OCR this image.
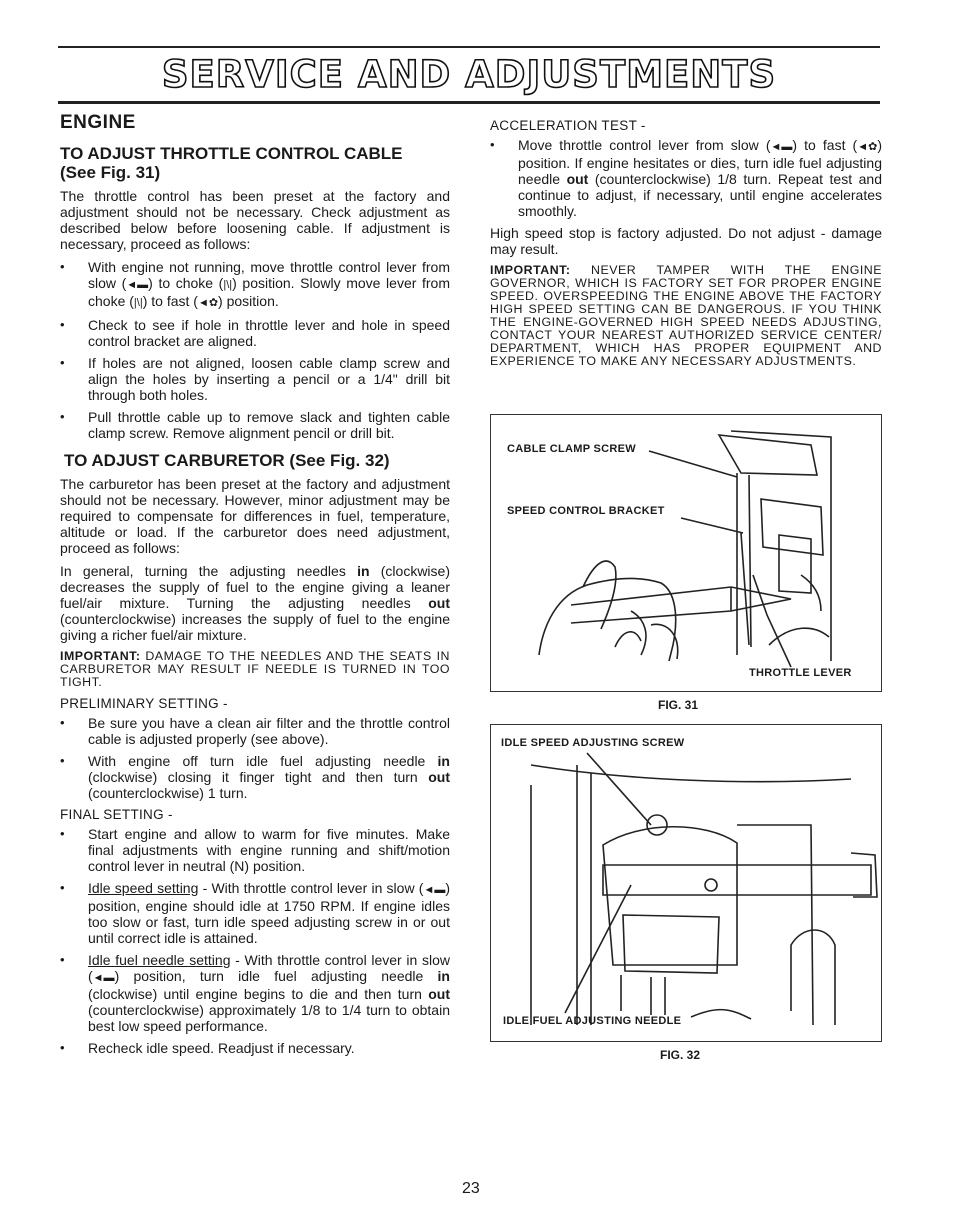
SERVICE AND ADJUSTMENTS
ENGINE
TO ADJUST THROTTLE CONTROL CABLE
(See Fig. 31)

The throttle control has been preset at the factory and adjustment should not be necessary. Check adjustment as described below before loosening cable. If adjustment is necessary, proceed as follows:

• With engine not running, move throttle control lever from slow (◄▬) to choke (|\|) position. Slowly move lever from choke (|\|) to fast (◄✿) position.
• Check to see if hole in throttle lever and hole in speed control bracket are aligned.
• If holes are not aligned, loosen cable clamp screw and align the holes by inserting a pencil or a 1/4" drill bit through both holes.
• Pull throttle cable up to remove slack and tighten cable clamp screw. Remove alignment pencil or drill bit.
TO ADJUST CARBURETOR (See Fig. 32)

The carburetor has been preset at the factory and adjustment should not be necessary. However, minor adjustment may be required to compensate for differences in fuel, temperature, altitude or load. If the carburetor does need adjustment, proceed as follows:

In general, turning the adjusting needles in (clockwise) decreases the supply of fuel to the engine giving a leaner fuel/air mixture. Turning the adjusting needles out (counterclockwise) increases the supply of fuel to the engine giving a richer fuel/air mixture.

IMPORTANT: DAMAGE TO THE NEEDLES AND THE SEATS IN CARBURETOR MAY RESULT IF NEEDLE IS TURNED IN TOO TIGHT.

PRELIMINARY SETTING -
• Be sure you have a clean air filter and the throttle control cable is adjusted properly (see above).
• With engine off turn idle fuel adjusting needle in (clockwise) closing it finger tight and then turn out (counterclockwise) 1 turn.
FINAL SETTING -
• Start engine and allow to warm for five minutes. Make final adjustments with engine running and shift/motion control lever in neutral (N) position.
• Idle speed setting - With throttle control lever in slow (◄▬) position, engine should idle at 1750 RPM. If engine idles too slow or fast, turn idle speed adjusting screw in or out until correct idle is attained.
• Idle fuel needle setting - With throttle control lever in slow (◄▬) position, turn idle fuel adjusting needle in (clockwise) until engine begins to die and then turn out (counterclockwise) approximately 1/8 to 1/4 turn to obtain best low speed performance.
• Recheck idle speed. Readjust if necessary.
ACCELERATION TEST -
• Move throttle control lever from slow (◄▬) to fast (◄✿) position. If engine hesitates or dies, turn idle fuel adjusting needle out (counterclockwise) 1/8 turn. Repeat test and continue to adjust, if necessary, until engine accelerates smoothly.

High speed stop is factory adjusted. Do not adjust - damage may result.

IMPORTANT: NEVER TAMPER WITH THE ENGINE GOVERNOR, WHICH IS FACTORY SET FOR PROPER ENGINE SPEED. OVERSPEEDING THE ENGINE ABOVE THE FACTORY HIGH SPEED SETTING CAN BE DANGEROUS. IF YOU THINK THE ENGINE-GOVERNED HIGH SPEED NEEDS ADJUSTING, CONTACT YOUR NEAREST AUTHORIZED SERVICE CENTER/ DEPARTMENT, WHICH HAS PROPER EQUIPMENT AND EXPERIENCE TO MAKE ANY NECESSARY ADJUSTMENTS.

CABLE CLAMP SCREW
SPEED CONTROL BRACKET
THROTTLE LEVER
FIG. 31
IDLE SPEED ADJUSTING SCREW
IDLE FUEL ADJUSTING NEEDLE
FIG. 32
23
